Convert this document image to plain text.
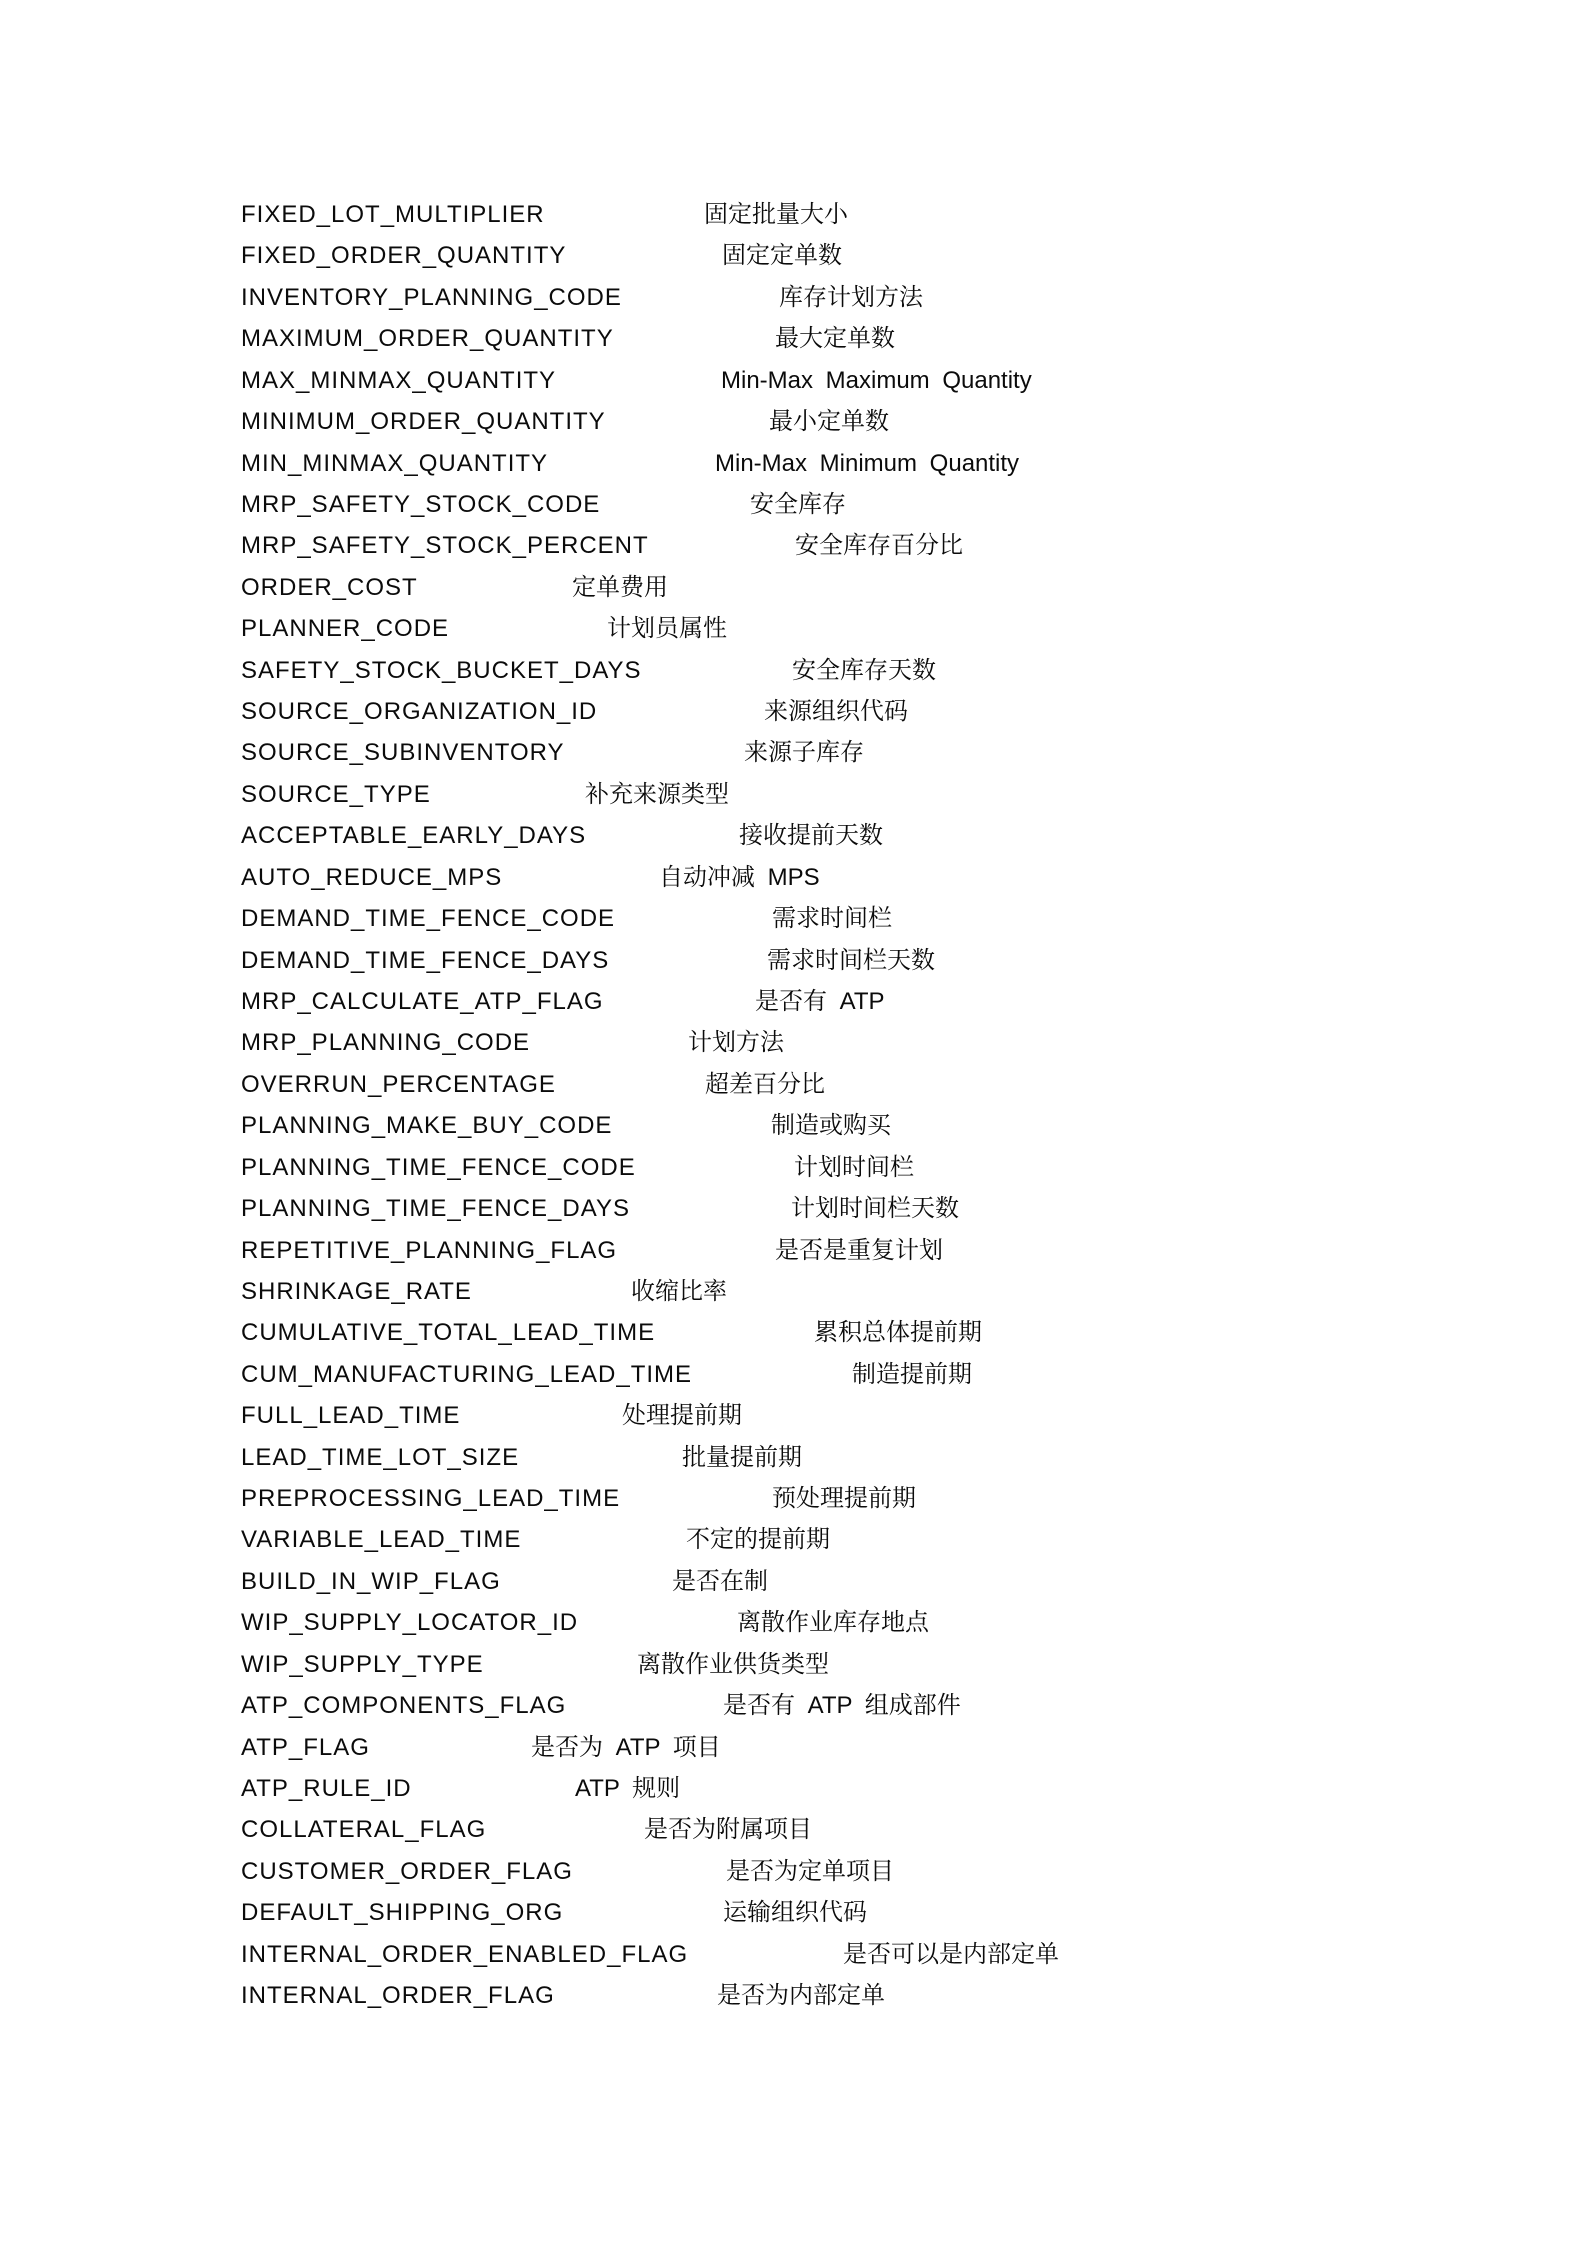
FIXED_LOT_MULTIPLIER	固定批量大小
FIXED_ORDER_QUANTITY	固定定单数
INVENTORY_PLANNING_CODE	库存计划方法
MAXIMUM_ORDER_QUANTITY	最大定单数
MAX_MINMAX_QUANTITY	Min-Max Maximum Quantity
MINIMUM_ORDER_QUANTITY	最小定单数
MIN_MINMAX_QUANTITY	Min-Max Minimum Quantity
MRP_SAFETY_STOCK_CODE	安全库存
MRP_SAFETY_STOCK_PERCENT	安全库存百分比
ORDER_COST	定单费用
PLANNER_CODE	计划员属性
SAFETY_STOCK_BUCKET_DAYS	安全库存天数
SOURCE_ORGANIZATION_ID	来源组织代码
SOURCE_SUBINVENTORY	来源子库存
SOURCE_TYPE	补充来源类型
ACCEPTABLE_EARLY_DAYS	接收提前天数
AUTO_REDUCE_MPS	自动冲减 MPS
DEMAND_TIME_FENCE_CODE	需求时间栏
DEMAND_TIME_FENCE_DAYS	需求时间栏天数
MRP_CALCULATE_ATP_FLAG	是否有 ATP
MRP_PLANNING_CODE	计划方法
OVERRUN_PERCENTAGE	超差百分比
PLANNING_MAKE_BUY_CODE	制造或购买
PLANNING_TIME_FENCE_CODE	计划时间栏
PLANNING_TIME_FENCE_DAYS	计划时间栏天数
REPETITIVE_PLANNING_FLAG	是否是重复计划
SHRINKAGE_RATE	收缩比率
CUMULATIVE_TOTAL_LEAD_TIME	累积总体提前期
CUM_MANUFACTURING_LEAD_TIME	制造提前期
FULL_LEAD_TIME	处理提前期
LEAD_TIME_LOT_SIZE	批量提前期
PREPROCESSING_LEAD_TIME	预处理提前期
VARIABLE_LEAD_TIME	不定的提前期
BUILD_IN_WIP_FLAG	是否在制
WIP_SUPPLY_LOCATOR_ID	离散作业库存地点
WIP_SUPPLY_TYPE	离散作业供货类型
ATP_COMPONENTS_FLAG	是否有 ATP 组成部件
ATP_FLAG	是否为 ATP 项目
ATP_RULE_ID	ATP 规则
COLLATERAL_FLAG	是否为附属项目
CUSTOMER_ORDER_FLAG	是否为定单项目
DEFAULT_SHIPPING_ORG	运输组织代码
INTERNAL_ORDER_ENABLED_FLAG	是否可以是内部定单
INTERNAL_ORDER_FLAG	是否为内部定单
